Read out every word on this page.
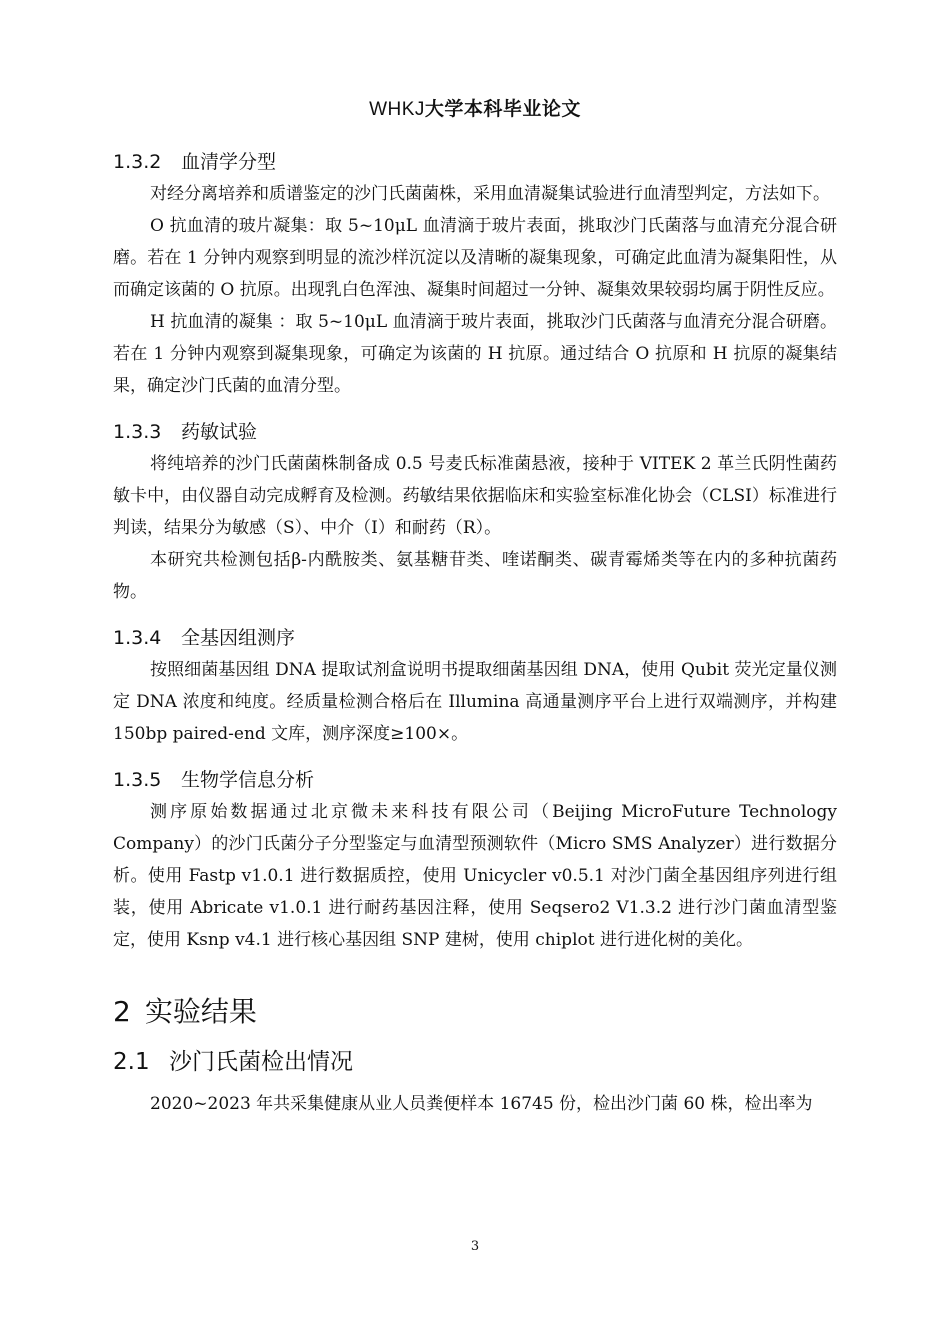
WHKJ大学本科毕业论文
1.3.2	血清学分型

对经分离培养和质谱鉴定的沙门氏菌菌株，采用血清凝集试验进行血清型判定，方法如下。

O 抗血清的玻片凝集：取 5~10μL 血清滴于玻片表面，挑取沙门氏菌落与血清充分混合研磨。若在 1 分钟内观察到明显的流沙样沉淀以及清晰的凝集现象，可确定此血清为凝集阳性，从而确定该菌的 O 抗原。出现乳白色浑浊、凝集时间超过一分钟、凝集效果较弱均属于阴性反应。

H 抗血清的凝集 ：取 5~10μL 血清滴于玻片表面，挑取沙门氏菌落与血清充分混合研磨。若在 1 分钟内观察到凝集现象，可确定为该菌的 H 抗原。通过结合 O 抗原和 H 抗原的凝集结果，确定沙门氏菌的血清分型。

1.3.3	药敏试验

将纯培养的沙门氏菌菌株制备成 0.5 号麦氏标准菌悬液，接种于 VITEK 2 革兰氏阴性菌药敏卡中，由仪器自动完成孵育及检测。药敏结果依据临床和实验室标准化协会（CLSI）标准进行判读，结果分为敏感（S）、中介（I）和耐药（R）。

本研究共检测包括β-内酰胺类、氨基糖苷类、喹诺酮类、碳青霉烯类等在内的多种抗菌药物。

1.3.4	全基因组测序

按照细菌基因组 DNA 提取试剂盒说明书提取细菌基因组 DNA，使用 Qubit 荧光定量仪测定 DNA 浓度和纯度。经质量检测合格后在 Illumina 高通量测序平台上进行双端测序，并构建 150bp paired-end 文库，测序深度≥100×。

1.3.5	生物学信息分析

测序原始数据通过北京微未来科技有限公司（Beijing MicroFuture Technology Company）的沙门氏菌分子分型鉴定与血清型预测软件（Micro SMS Analyzer）进行数据分析。使用 Fastp v1.0.1 进行数据质控，使用 Unicycler v0.5.1 对沙门菌全基因组序列进行组装，使用 Abricate v1.0.1 进行耐药基因注释，使用 Seqsero2 V1.3.2 进行沙门菌血清型鉴定，使用 Ksnp v4.1 进行核心基因组 SNP 建树，使用 chiplot 进行进化树的美化。

2 实验结果
2.1 沙门氏菌检出情况

2020~2023 年共采集健康从业人员粪便样本 16745 份，检出沙门菌 60 株，检出率为

3
